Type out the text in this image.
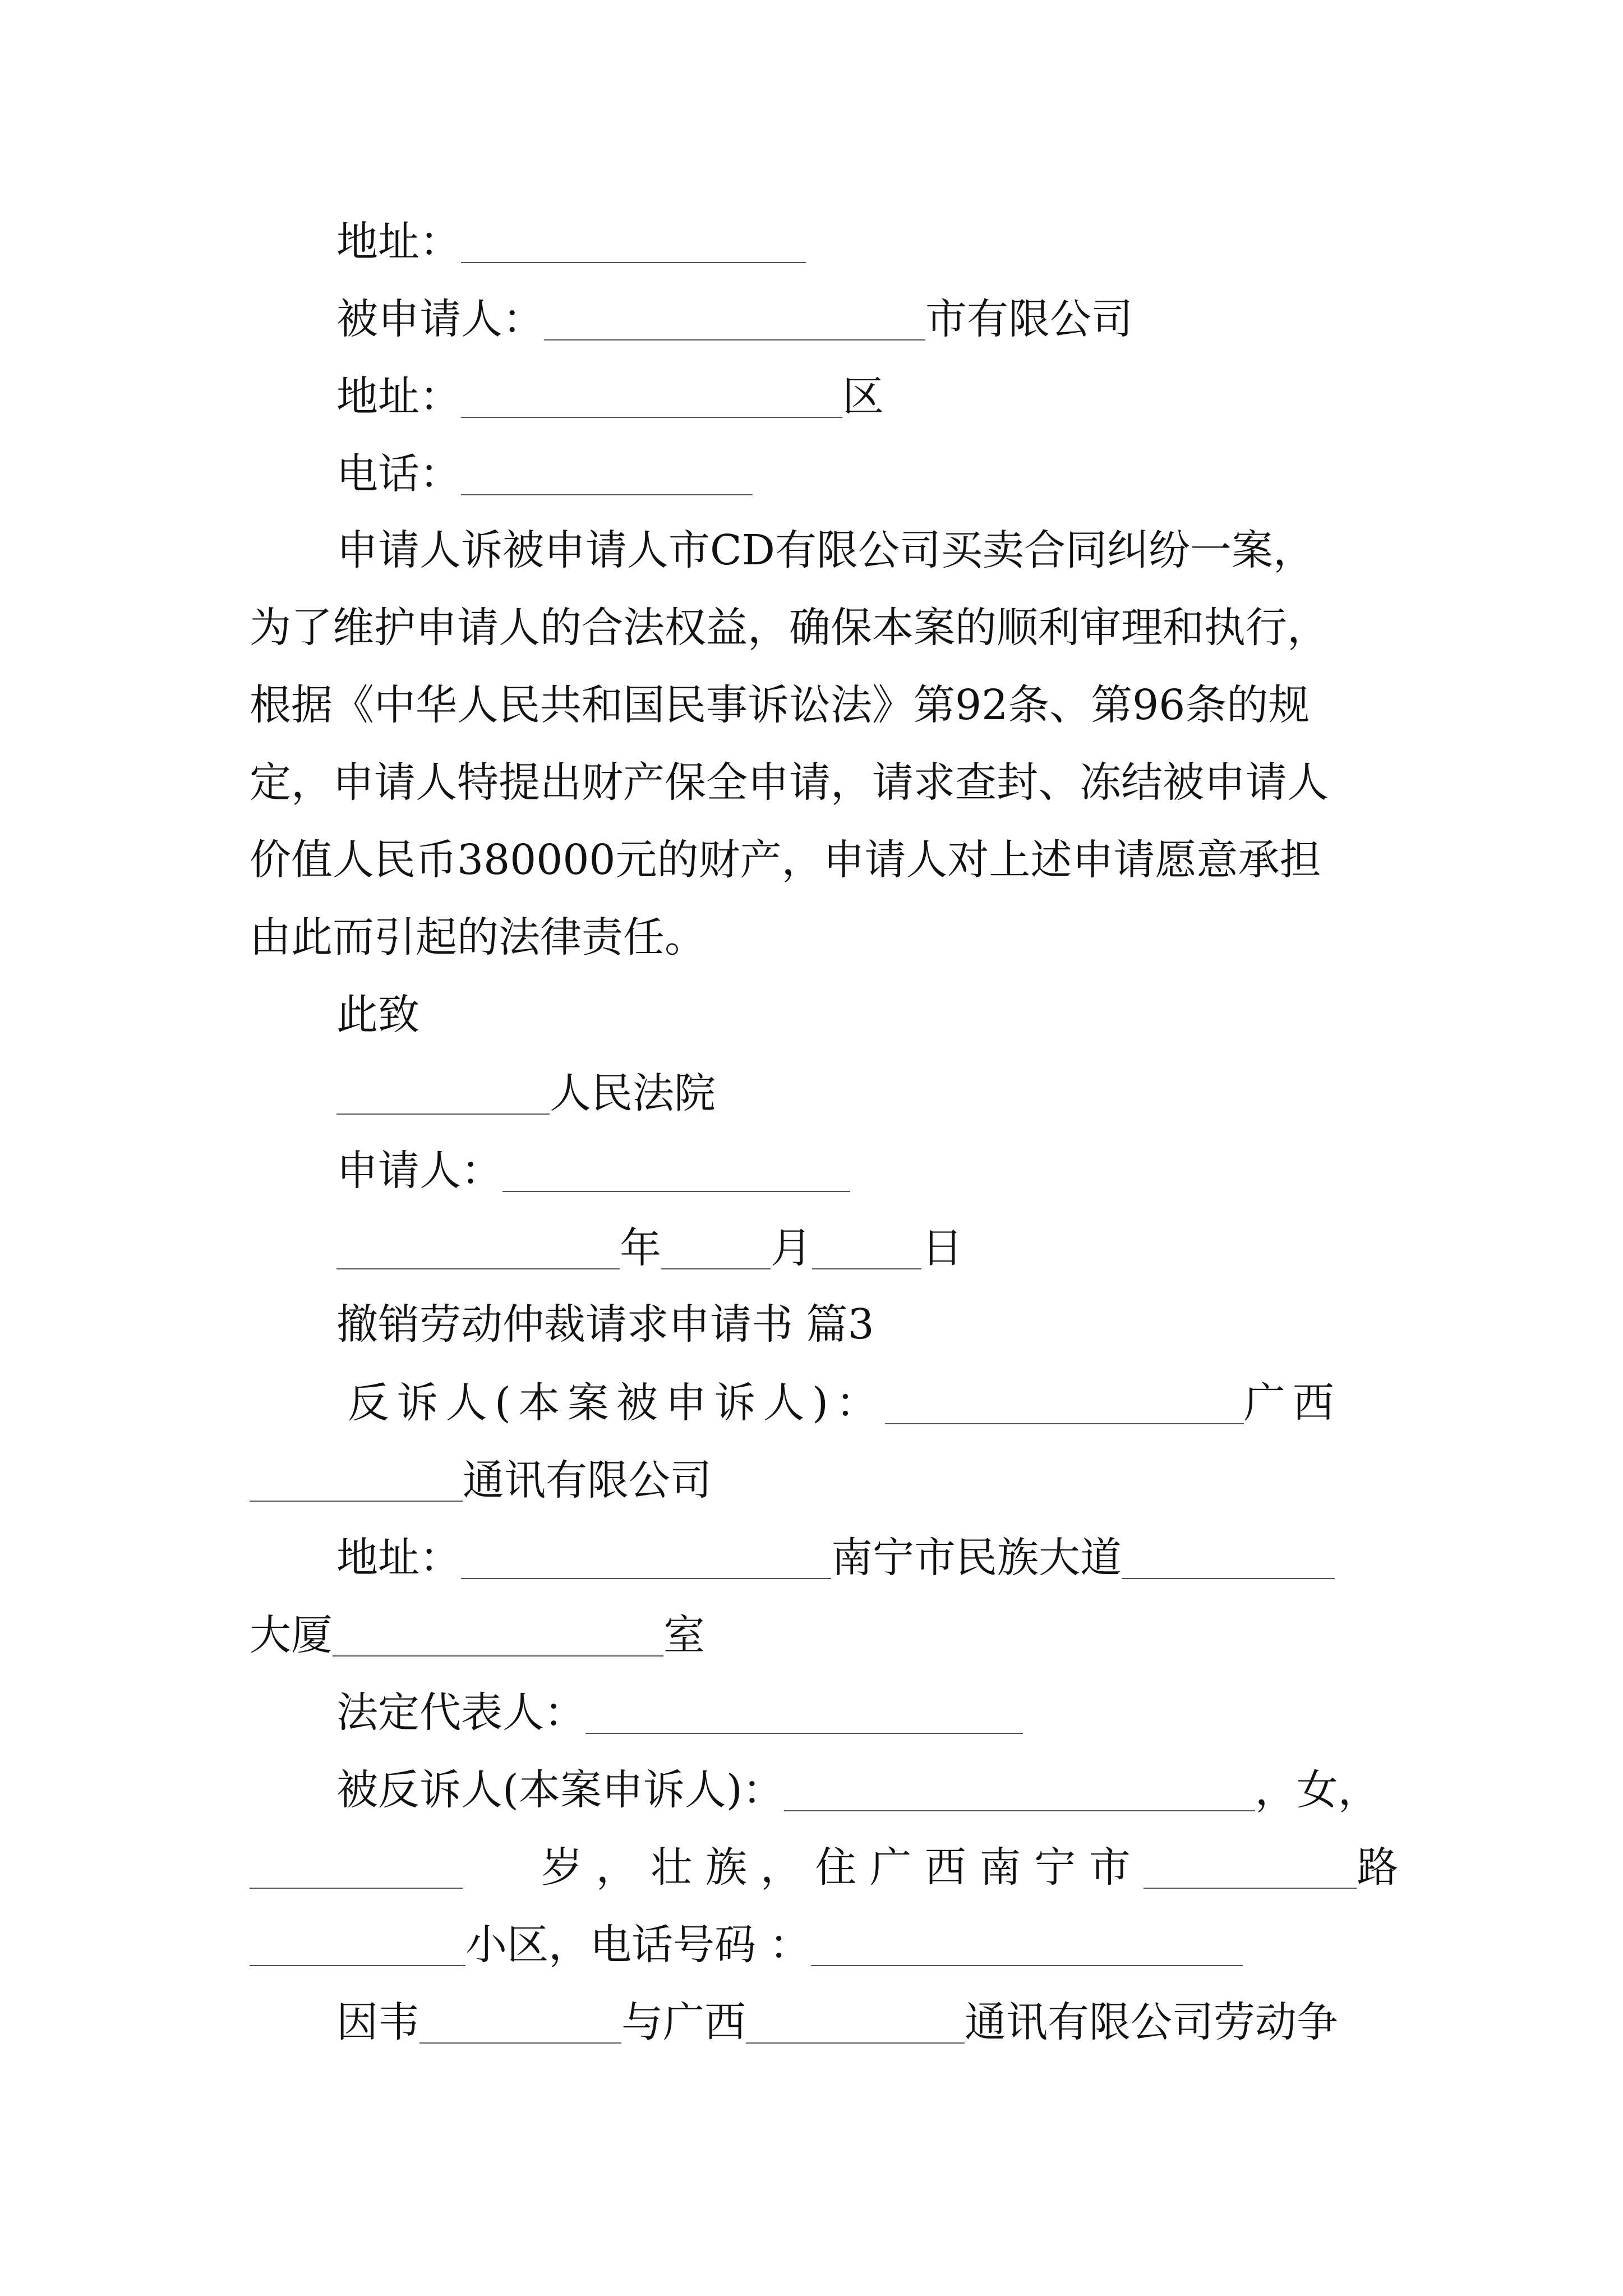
地址：
被申请人：	市有限公司
地址：	区
电话：
申请人诉被申请人市CD有限公司买卖合同纠纷一案，
为了维护申请人的合法权益，确保本案的顺利审理和执行，
根据《中华人民共和国民事诉讼法》第92条、第96条的规
定，申请人特提出财产保全申请，请求查封、冻结被申请人
价值人民币380000元的财产，申请人对上述申请愿意承担
由此而引起的法律责任。
此致
人民法院
申请人：
年	月	日
撤销劳动仲裁请求申请书 篇3
反诉人(本案被申诉人)：	广西
通讯有限公司
地址：	南宁市民族大道
大厦	室
法定代表人：
被反诉人(本案申诉人)：	，女，
岁，壮族，住广西南宁市	路
小区，电话号码 ：
因韦	与广西	通讯有限公司劳动争
